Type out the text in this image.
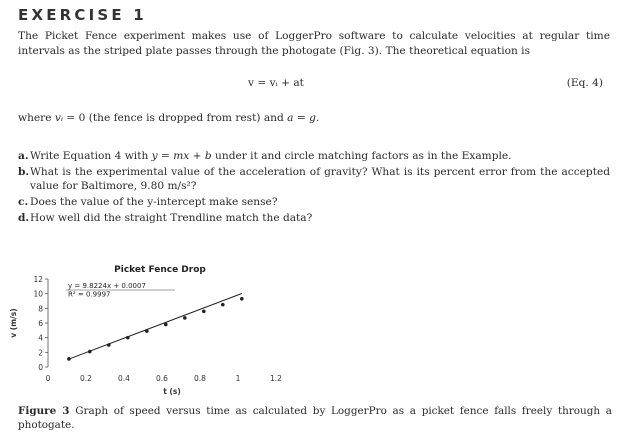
EXERCISE 1
The Picket Fence experiment makes use of LoggerPro software to calculate velocities at regular time intervals as the striped plate passes through the photogate (Fig. 3). The theoretical equation is
v = vᵢ + at	(Eq. 4)
where vᵢ = 0 (the fence is dropped from rest) and a = g.
a. Write Equation 4 with y = mx + b under it and circle matching factors as in the Example.
b. What is the experimental value of the acceleration of gravity? What is its percent error from the accepted value for Baltimore, 9.80 m/s²?
c. Does the value of the y-intercept make sense?
d. How well did the straight Trendline match the data?
Picket Fence Drop
0
2
4
6
8
10
12
0	0.2	0.4	0.6	0.8	1	1.2
t (s)
v (m/s)
y = 9.8224x + 0.0007
R² = 0.9997
Figure 3 Graph of speed versus time as calculated by LoggerPro as a picket fence falls freely through a photogate.
